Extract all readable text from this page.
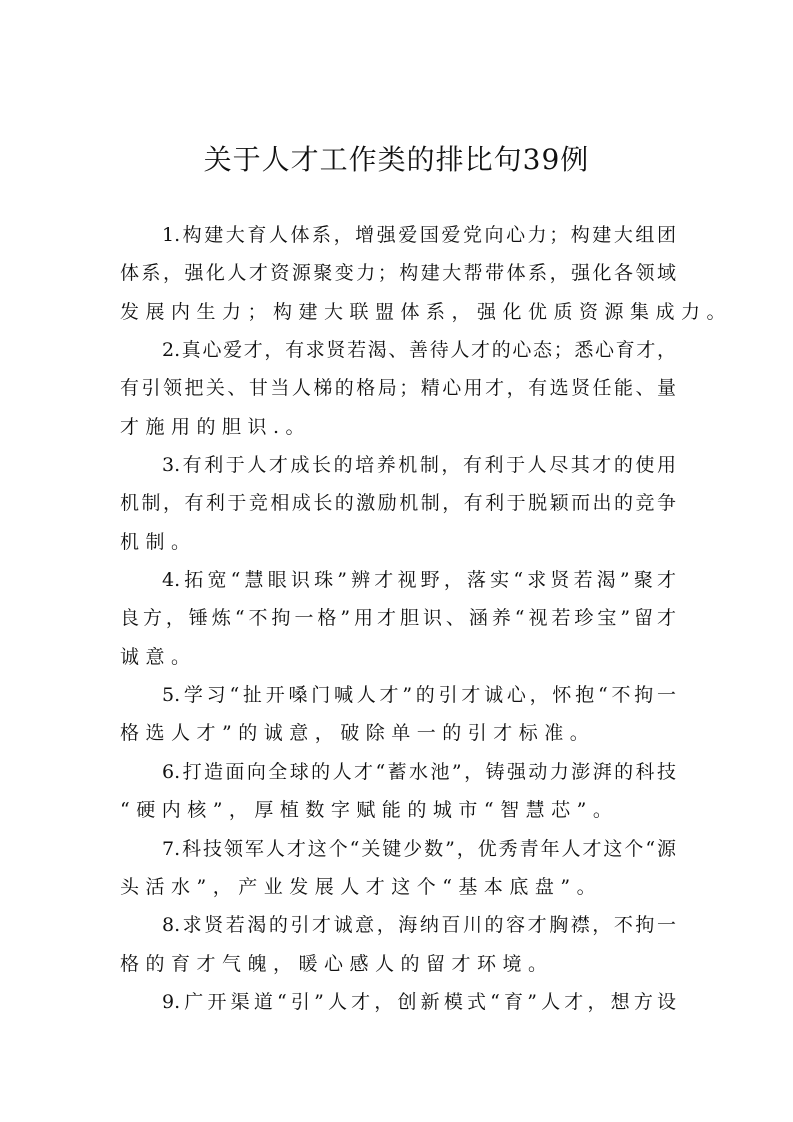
关于人才工作类的排比句39例
1.构建大育人体系，增强爱国爱党向心力；构建大组团
体系，强化人才资源聚变力；构建大帮带体系，强化各领域
发展内生力；构建大联盟体系，强化优质资源集成力。
2.真心爱才，有求贤若渴、善待人才的心态；悉心育才，
有引领把关、甘当人梯的格局；精心用才，有选贤任能、量
才施用的胆识.。
3.有利于人才成长的培养机制，有利于人尽其才的使用
机制，有利于竞相成长的激励机制，有利于脱颖而出的竞争
机制。
4.拓宽“慧眼识珠”辨才视野，落实“求贤若渴”聚才
良方，锤炼“不拘一格”用才胆识、涵养“视若珍宝”留才
诚意。
5.学习“扯开嗓门喊人才”的引才诚心，怀抱“不拘一
格选人才”的诚意，破除单一的引才标准。
6.打造面向全球的人才“蓄水池”，铸强动力澎湃的科技
“硬内核”，厚植数字赋能的城市“智慧芯”。
7.科技领军人才这个“关键少数”，优秀青年人才这个“源
头活水”，产业发展人才这个“基本底盘”。
8.求贤若渴的引才诚意，海纳百川的容才胸襟，不拘一
格的育才气魄，暖心感人的留才环境。
9.广开渠道“引”人才，创新模式“育”人才，想方设
